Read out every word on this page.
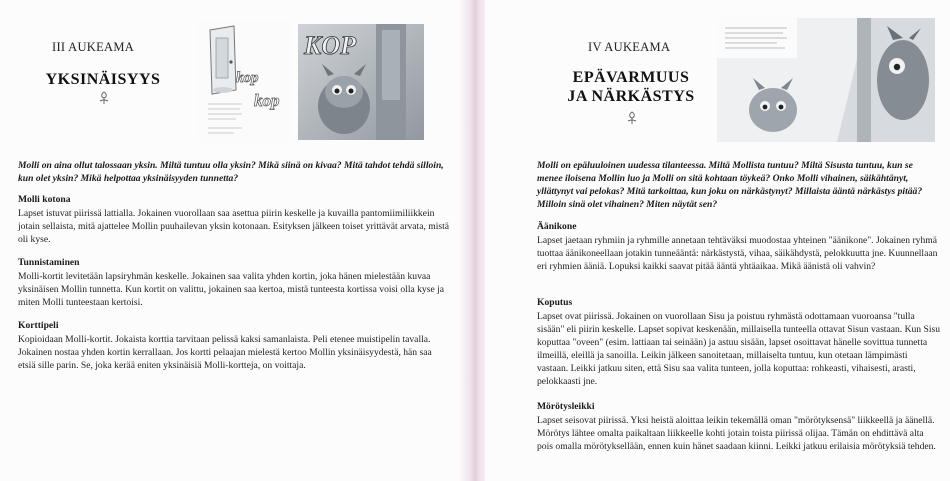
III AUKEAMA
YKSINÄISYYS	kop
kop
KOP
Molli on aina ollut talossaan yksin. Miltä tuntuu olla yksin? Mikä siinä on kivaa? Mitä tahdot tehdä silloin, kun olet yksin? Mikä helpottaa yksinäisyyden tunnetta?
Molli kotona

Lapset istuvat piirissä lattialla. Jokainen vuorollaan saa asettua piirin keskelle ja kuvailla pantomiimiliikkein jotain sellaista, mitä ajattelee Mollin puuhailevan yksin kotonaan. Esityksen jälkeen toiset yrittävät arvata, mistä oli kyse.

Tunnistaminen

Molli-kortit levitetään lapsiryhmän keskelle. Jokainen saa valita yhden kortin, joka hänen mielestään kuvaa yksinäisen Mollin tunnetta. Kun kortit on valittu, jokainen saa kertoa, mistä tunteesta kortissa voisi olla kyse ja miten Molli tunteestaan kertoisi.

Korttipeli

Kopioidaan Molli-kortit. Jokaista korttia tarvitaan pelissä kaksi samanlaista. Peli etenee muistipelin tavalla. Jokainen nostaa yhden kortin kerrallaan. Jos kortti pelaajan mielestä kertoo Mollin yksinäisyydestä, hän saa etsiä sille parin. Se, joka kerää eniten yksinäisiä Molli-kortteja, on voittaja.

IV AUKEAMA
EPÄVARMUUS
JA NÄRKÄSTYS
Molli on epäluuloinen uudessa tilanteessa. Miltä Mollista tuntuu? Miltä Sisusta tuntuu, kun se menee iloisena Mollin luo ja Molli on sitä kohtaan töykeä? Onko Molli vihainen, säikähtänyt, yllättynyt vai pelokas? Mitä tarkoittaa, kun joku on närkästynyt? Millaista ääntä närkästys pitää? Milloin sinä olet vihainen? Miten näytät sen?
Äänikone

Lapset jaetaan ryhmiin ja ryhmille annetaan tehtäväksi muodostaa yhteinen "äänikone". Jokainen ryhmä tuottaa äänikoneellaan jotakin tunneääntä: närkästystä, vihaa, säikähdystä, pelokkuutta jne. Kuunnellaan eri ryhmien ääniä. Lopuksi kaikki saavat pitää ääntä yhtäaikaa. Mikä äänistä oli vahvin?

Koputus

Lapset ovat piirissä. Jokainen on vuorollaan Sisu ja poistuu ryhmästä odottamaan vuoroansa "tulla sisään" eli piirin keskelle. Lapset sopivat keskenään, millaisella tunteella ottavat Sisun vastaan. Kun Sisu koputtaa "oveen" (esim. lattiaan tai seinään) ja astuu sisään, lapset osoittavat hänelle sovittua tunnetta ilmeillä, eleillä ja sanoilla. Leikin jälkeen sanoitetaan, millaiselta tuntuu, kun otetaan lämpimästi vastaan. Leikki jatkuu siten, että Sisu saa valita tunteen, jolla koputtaa: rohkeasti, vihaisesti, arasti, pelokkaasti jne.

Mörötysleikki

Lapset seisovat piirissä. Yksi heistä aloittaa leikin tekemällä oman "mörötyksensä" liikkeellä ja äänellä. Mörötys lähtee omalta paikaltaan liikkeelle kohti jotain toista piirissä olijaa. Tämän on ehdittävä alta pois omalla mörötyksellään, ennen kuin hänet saadaan kiinni. Leikki jatkuu erilaisia mörötyksiä tehden.
